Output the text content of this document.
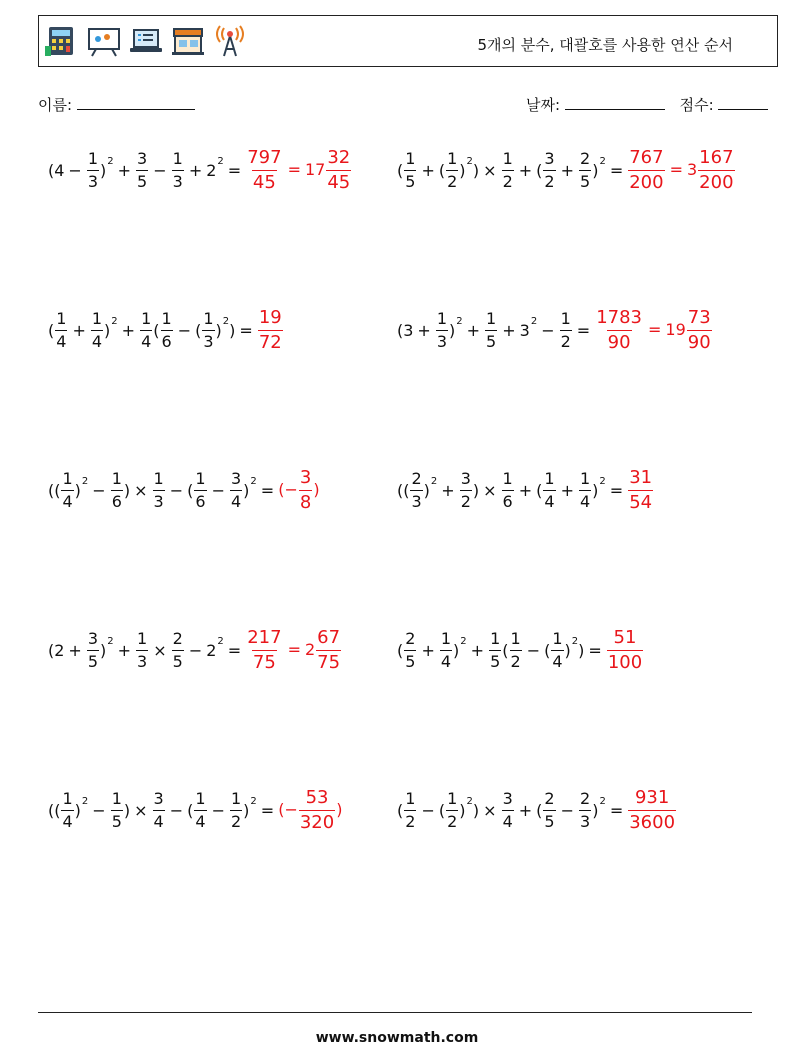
5개의 분수, 대괄호를 사용한 연산 순서
이름:	날짜:	점수:
($4 - \frac{1}{3}$ ) $2 + \frac{3}{5} - \frac{1}{3} + 2$ $2 = \frac{797}{45} = 17 \frac{32}{45}$	( $\frac{1}{5}$ + ( $\frac{1}{2}$ ) 2 ) × $\frac{1}{2}$ + ( $\frac{3}{2} + \frac{2}{5}$ ) $2 = \frac{767}{200} = 3 \frac{167}{200}$
( $\frac{1}{4} + \frac{1}{4}$ ) $2 + \frac{1}{4}$ ( $\frac{1}{6}$ − ( $\frac{1}{3}$ ) 2 ) = $\frac{19}{72}$	($3 + \frac{1}{3}$ ) $2 + \frac{1}{5} + 3$ $2 - \frac{1}{2} = \frac{1783}{90} = 19 \frac{73}{90}$
(( $\frac{1}{4}$ ) $2 - \frac{1}{6}$ ) × $\frac{1}{3}$ − ( $\frac{1}{6} - \frac{3}{4}$ ) 2 = (− $\frac{3}{8}$ )	(( $\frac{2}{3}$ ) $2 + \frac{3}{2}$ ) × $\frac{1}{6}$ + ( $\frac{1}{4} + \frac{1}{4}$ ) $2 = \frac{31}{54}$
($2 + \frac{3}{5}$ ) $2 + \frac{1}{3} \times \frac{2}{5} - 2$ $2 = \frac{217}{75} = 2 \frac{67}{75}$	( $\frac{2}{5} + \frac{1}{4}$ ) $2 + \frac{1}{5}$ ( $\frac{1}{2}$ − ( $\frac{1}{4}$ ) 2 ) = $\frac{51}{100}$
(( $\frac{1}{4}$ ) $2 - \frac{1}{5}$ ) × $\frac{3}{4}$ − ( $\frac{1}{4} - \frac{1}{2}$ ) 2 = (− $\frac{53}{320}$ )	( $\frac{1}{2}$ − ( $\frac{1}{2}$ ) 2 ) × $\frac{3}{4}$ + ( $\frac{2}{5} - \frac{2}{3}$ ) $2 = \frac{931}{3600}$
www.snowmath.com
